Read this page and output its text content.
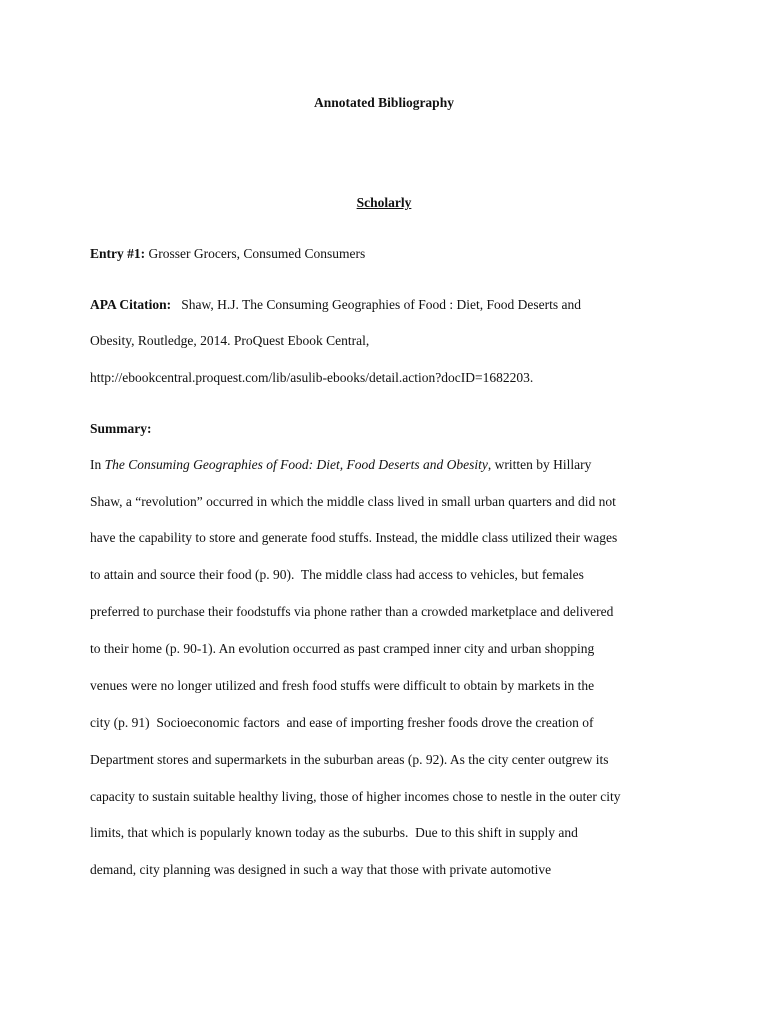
Annotated Bibliography
Scholarly
Entry #1: Grosser Grocers, Consumed Consumers
APA Citation: Shaw, H.J. The Consuming Geographies of Food : Diet, Food Deserts and
Obesity, Routledge, 2014. ProQuest Ebook Central,
http://ebookcentral.proquest.com/lib/asulib-ebooks/detail.action?docID=1682203.
Summary:
In The Consuming Geographies of Food: Diet, Food Deserts and Obesity, written by Hillary
Shaw, a “revolution” occurred in which the middle class lived in small urban quarters and did not
have the capability to store and generate food stuffs. Instead, the middle class utilized their wages
to attain and source their food (p. 90).  The middle class had access to vehicles, but females
preferred to purchase their foodstuffs via phone rather than a crowded marketplace and delivered
to their home (p. 90-1). An evolution occurred as past cramped inner city and urban shopping
venues were no longer utilized and fresh food stuffs were difficult to obtain by markets in the
city (p. 91)  Socioeconomic factors  and ease of importing fresher foods drove the creation of
Department stores and supermarkets in the suburban areas (p. 92). As the city center outgrew its
capacity to sustain suitable healthy living, those of higher incomes chose to nestle in the outer city
limits, that which is popularly known today as the suburbs.  Due to this shift in supply and
demand, city planning was designed in such a way that those with private automotive
